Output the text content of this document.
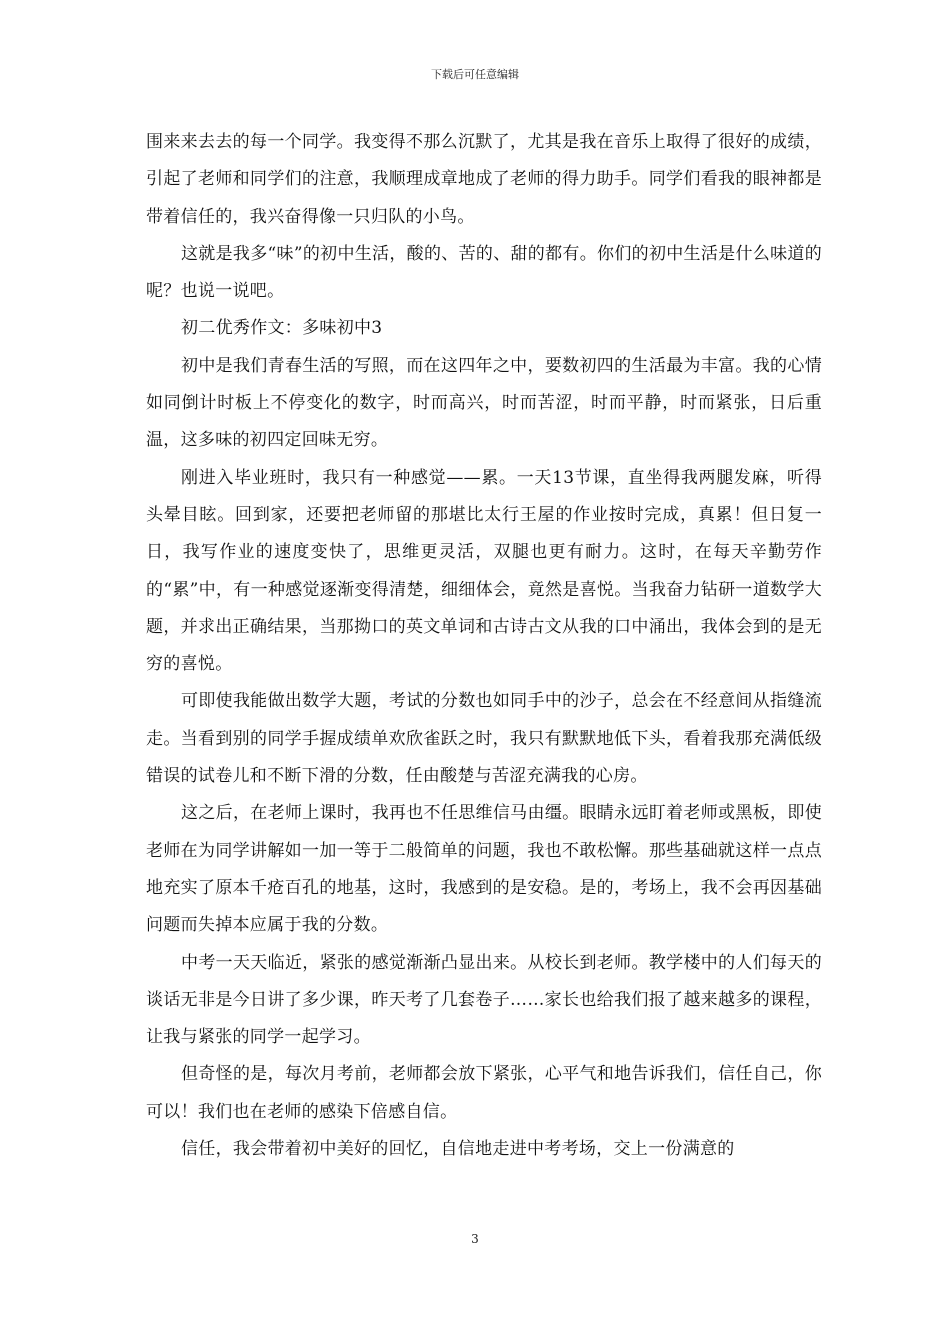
下载后可任意编辑

围来来去去的每一个同学。我变得不那么沉默了，尤其是我在音乐上取得了很好的成绩，引起了老师和同学们的注意，我顺理成章地成了老师的得力助手。同学们看我的眼神都是带着信任的，我兴奋得像一只归队的小鸟。

这就是我多“味”的初中生活，酸的、苦的、甜的都有。你们的初中生活是什么味道的呢？也说一说吧。

初二优秀作文：多味初中3

初中是我们青春生活的写照，而在这四年之中，要数初四的生活最为丰富。我的心情如同倒计时板上不停变化的数字，时而高兴，时而苦涩，时而平静，时而紧张，日后重温，这多味的初四定回味无穷。

刚进入毕业班时，我只有一种感觉——累。一天13节课，直坐得我两腿发麻，听得头晕目眩。回到家，还要把老师留的那堪比太行王屋的作业按时完成，真累！但日复一日，我写作业的速度变快了，思维更灵活，双腿也更有耐力。这时，在每天辛勤劳作的“累”中，有一种感觉逐渐变得清楚，细细体会，竟然是喜悦。当我奋力钻研一道数学大题，并求出正确结果，当那拗口的英文单词和古诗古文从我的口中涌出，我体会到的是无穷的喜悦。

可即使我能做出数学大题，考试的分数也如同手中的沙子，总会在不经意间从指缝流走。当看到别的同学手握成绩单欢欣雀跃之时，我只有默默地低下头，看着我那充满低级错误的试卷儿和不断下滑的分数，任由酸楚与苦涩充满我的心房。

这之后，在老师上课时，我再也不任思维信马由缰。眼睛永远盯着老师或黑板，即使老师在为同学讲解如一加一等于二般简单的问题，我也不敢松懈。那些基础就这样一点点地充实了原本千疮百孔的地基，这时，我感到的是安稳。是的，考场上，我不会再因基础问题而失掉本应属于我的分数。

中考一天天临近，紧张的感觉渐渐凸显出来。从校长到老师。教学楼中的人们每天的谈话无非是今日讲了多少课，昨天考了几套卷子……家长也给我们报了越来越多的课程，让我与紧张的同学一起学习。

但奇怪的是，每次月考前，老师都会放下紧张，心平气和地告诉我们，信任自己，你可以！我们也在老师的感染下倍感自信。

信任，我会带着初中美好的回忆，自信地走进中考考场，交上一份满意的

3
